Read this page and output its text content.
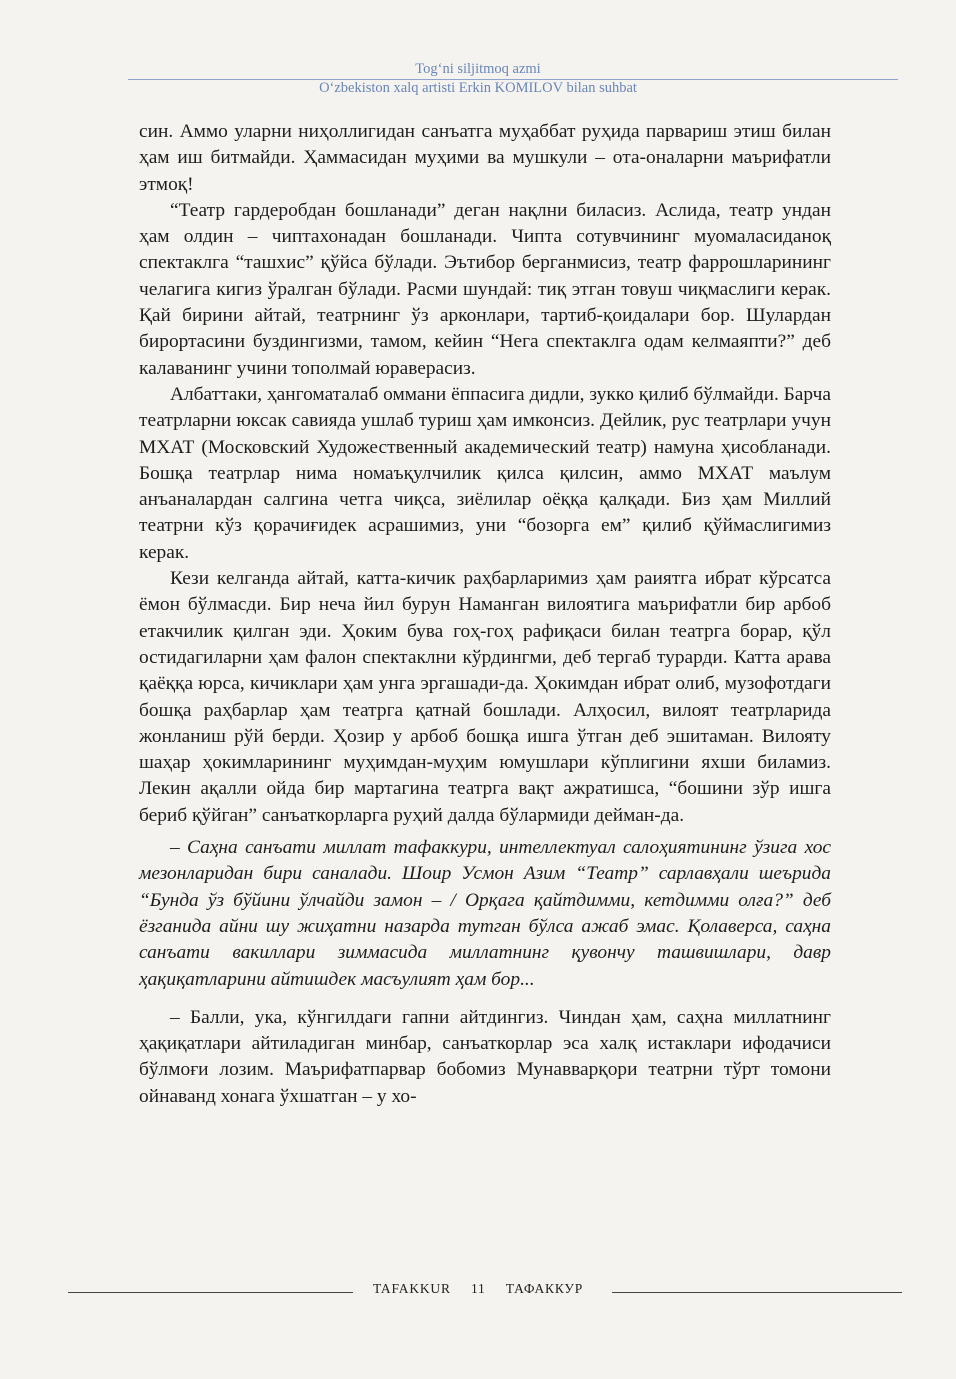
Tog‘ni siljitmoq azmi
O‘zbekiston xalq artisti Erkin KOMILOV bilan suhbat

син. Аммо уларни ниҳоллигидан санъатга муҳаббат руҳида парвариш этиш билан ҳам иш битмайди. Ҳаммасидан муҳими ва мушкули – ота-оналарни маърифатли этмоқ!

“Театр гардеробдан бошланади” деган нақлни биласиз. Аслида, театр ундан ҳам олдин – чиптахонадан бошланади. Чипта сотувчининг муомаласиданоқ спектаклга “ташхис” қўйса бўлади. Эътибор берганмисиз, театр фаррошларининг челагига кигиз ўралган бўлади. Расми шундай: тиқ этган товуш чиқмаслиги керак. Қай бирини айтай, театрнинг ўз арконлари, тартиб-қоидалари бор. Шулардан бирортасини буздингизми, тамом, кейин “Нега спектаклга одам келмаяпти?” деб калаванинг учини тополмай юраверасиз.

Албаттаки, ҳангоматалаб оммани ёппасига дидли, зукко қилиб бўлмайди. Барча театрларни юксак савияда ушлаб туриш ҳам имконсиз. Дейлик, рус театрлари учун МХАТ (Московский Художественный академический театр) намуна ҳисобланади. Бошқа театрлар нима номаъқулчилик қилса қилсин, аммо МХАТ маълум анъаналардан салгина четга чиқса, зиёлилар оёққа қалқади. Биз ҳам Миллий театрни кўз қорачиғидек асрашимиз, уни “бозорга ем” қилиб қўймаслигимиз керак.

Кези келганда айтай, катта-кичик раҳбарларимиз ҳам раиятга ибрат кўрсатса ёмон бўлмасди. Бир неча йил бурун Наманган вилоятига маърифатли бир арбоб етакчилик қилган эди. Ҳоким бува гоҳ-гоҳ рафиқаси билан театрга борар, қўл остидагиларни ҳам фалон спектаклни кўрдингми, деб тергаб турарди. Катта арава қаёққа юрса, кичиклари ҳам унга эргашади-да. Ҳокимдан ибрат олиб, музофотдаги бошқа раҳбарлар ҳам театрга қатнай бошлади. Алҳосил, вилоят театрларида жонланиш рўй берди. Ҳозир у арбоб бошқа ишга ўтган деб эшитаман. Вилояту шаҳар ҳокимларининг муҳимдан-муҳим юмушлари кўплигини яхши биламиз. Лекин ақалли ойда бир мартагина театрга вақт ажратишса, “бошини зўр ишга бериб қўйган” санъаткорларга руҳий далда бўлармиди дейман-да.

– Саҳна санъати миллат тафаккури, интеллектуал салоҳиятининг ўзига хос мезонларидан бири саналади. Шоир Усмон Азим “Театр” сарлавҳали шеърида “Бунда ўз бўйини ўлчайди замон – / Орқага қайтдимми, кетдимми олға?” деб ёзганида айни шу жиҳатни назарда тутган бўлса ажаб эмас. Қолаверса, саҳна санъати вакиллари зиммасида миллатнинг қувончу ташвишлари, давр ҳақиқатларини айтишдек масъулият ҳам бор...

– Балли, ука, кўнгилдаги гапни айтдингиз. Чиндан ҳам, саҳна миллатнинг ҳақиқатлари айтиладиган минбар, санъаткорлар эса халқ истаклари ифодачиси бўлмоғи лозим. Маърифатпарвар бобомиз Мунавварқори театрни тўрт томони ойнаванд хонага ўхшатган – у хо-

TAFAKKUR 11 ТАФАККУР
